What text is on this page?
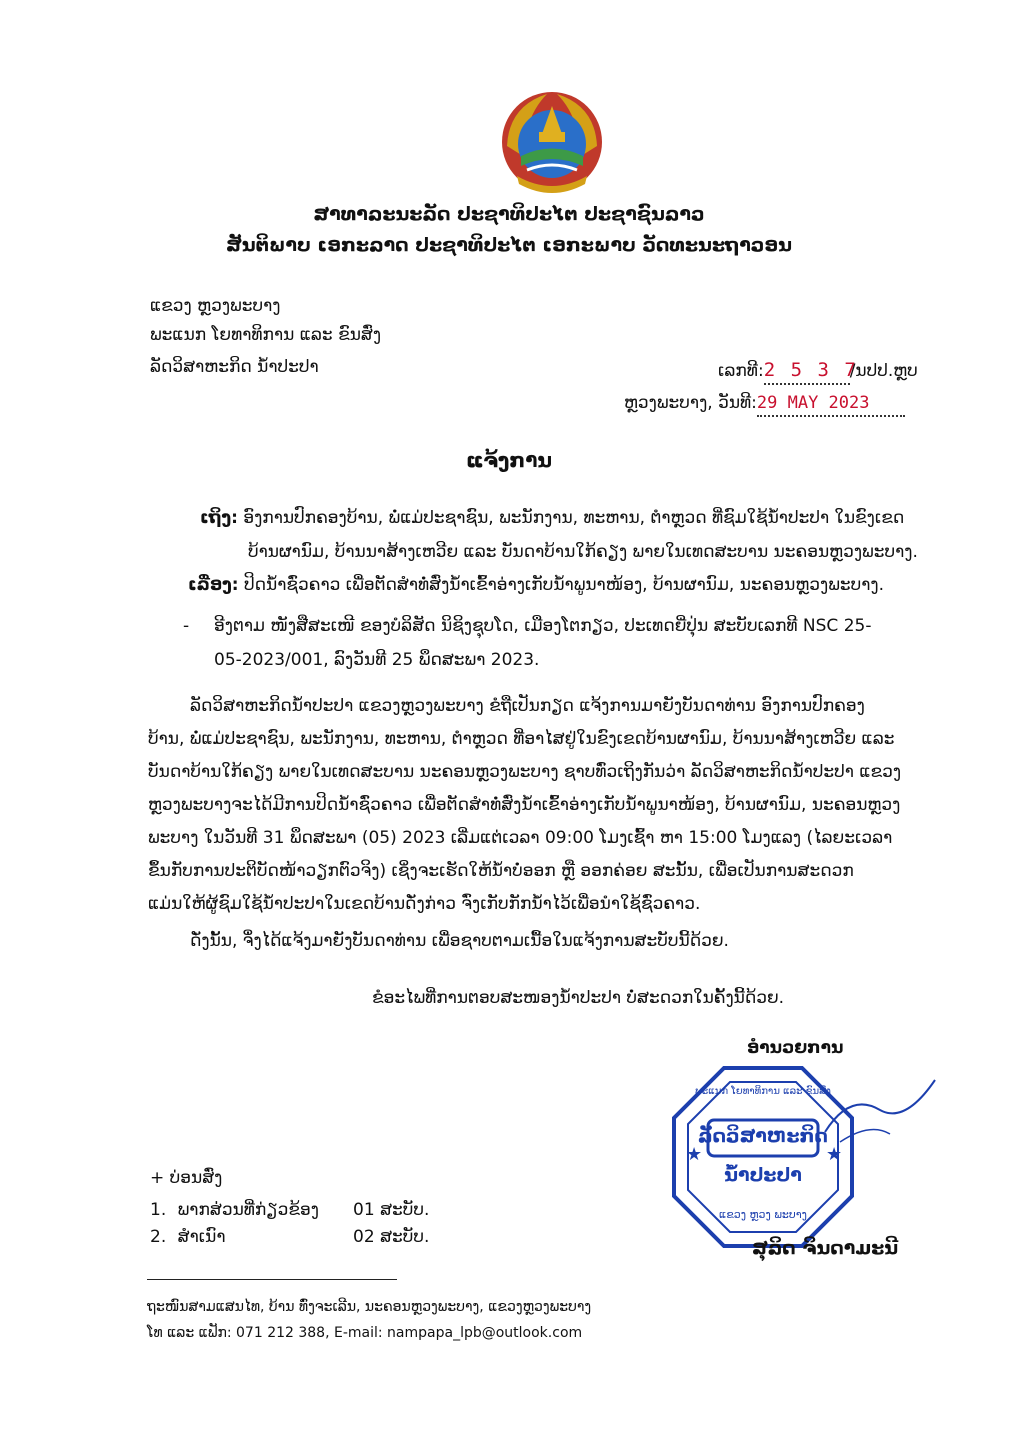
ສາທາລະນະລັດ ປະຊາທິປະໄຕ ປະຊາຊົນລາວ
ສັນຕິພາບ ເອກະລາດ ປະຊາທິປະໄຕ ເອກະພາບ ວັດທະນະຖາວອນ
ແຂວງ ຫຼວງພະບາງ
ພະແນກ ໂຍທາທິການ ແລະ ຂົນສົ່ງ
ລັດວິສາຫະກິດ ນ້ຳປະປາ	ເລກທີ:2 5 3 7/ນປປ.ຫຼບ
ຫຼວງພະບາງ, ວັນທີ:29 MAY 2023
ແຈ້ງການ
ເຖິງ: ອົງການປົກຄອງບ້ານ, ພໍ່ແມ່ປະຊາຊົນ, ພະນັກງານ, ທະຫານ, ຕຳຫຼວດ ທີ່ຊົມໃຊ້ນ້ຳປະປາ ໃນຂົງເຂດ
ບ້ານຜານົມ, ບ້ານນາສ້າງເຫວີຍ ແລະ ບັນດາບ້ານໃກ້ຄຽງ ພາຍໃນເທດສະບານ ນະຄອນຫຼວງພະບາງ.
ເລື່ອງ: ປິດນ້ຳຊົ່ວຄາວ ເພື່ອຕັດສຳທໍ່ສົ່ງນ້ຳເຂົ້າອ່າງເກັບນ້ຳພູນາໜ້ອງ, ບ້ານຜານົມ, ນະຄອນຫຼວງພະບາງ.
- ອີງຕາມ ໜັງສືສະເໜີ ຂອງບໍລິສັດ ນິຊິງຊຸບໂດ, ເມືອງໂຕກຽວ, ປະເທດຍີ່ປຸ່ນ ສະບັບເລກທີ NSC 25-
05-2023/001, ລົງວັນທີ 25 ພຶດສະພາ 2023.
ລັດວິສາຫະກິດນ້ຳປະປາ ແຂວງຫຼວງພະບາງ ຂໍຖືເປັນກຽດ ແຈ້ງການມາຍັງບັນດາທ່ານ ອົງການປົກຄອງ
ບ້ານ, ພໍ່ແມ່ປະຊາຊົນ, ພະນັກງານ, ທະຫານ, ຕຳຫຼວດ ທີ່ອາໄສຢູ່ໃນຂົງເຂດບ້ານຜານົມ, ບ້ານນາສ້າງເຫວີຍ ແລະ
ບັນດາບ້ານໃກ້ຄຽງ ພາຍໃນເທດສະບານ ນະຄອນຫຼວງພະບາງ ຊາບທົ່ວເຖິງກັນວ່າ ລັດວິສາຫະກິດນ້ຳປະປາ ແຂວງ
ຫຼວງພະບາງຈະໄດ້ມີການປິດນ້ຳຊົ່ວຄາວ ເພື່ອຕັດສຳທໍ່ສົ່ງນ້ຳເຂົ້າອ່າງເກັບນ້ຳພູນາໜ້ອງ, ບ້ານຜານົມ, ນະຄອນຫຼວງ
ພະບາງ ໃນວັນທີ 31 ພຶດສະພາ (05) 2023 ເລີ່ມແຕ່ເວລາ 09:00 ໂມງເຊົ້າ ຫາ 15:00 ໂມງແລງ (ໄລຍະເວລາ
ຂຶ້ນກັບການປະຕິບັດໜ້າວຽກຕົວຈິງ) ເຊິ່ງຈະເຮັດໃຫ້ນ້ຳບໍ່ອອກ ຫຼື ອອກຄ່ອຍ ສະນັ້ນ, ເພື່ອເປັນການສະດວກ
ແມ່ນໃຫ້ຜູ້ຊົມໃຊ້ນ້ຳປະປາໃນເຂດບ້ານດັ່ງກ່າວ ຈົ່ງເກັບກັກນ້ຳໄວ້ເພື່ອນຳໃຊ້ຊົ່ວຄາວ.
ດັ່ງນັ້ນ, ຈຶ່ງໄດ້ແຈ້ງມາຍັງບັນດາທ່ານ ເພື່ອຊາບຕາມເນື້ອໃນແຈ້ງການສະບັບນີ້ດ້ວຍ.
ຂໍອະໄພທີ່ການຕອບສະໜອງນ້ຳປະປາ ບໍ່ສະດວກໃນຄັ້ງນີ້ດ້ວຍ.
ອຳນວຍການ
★	★
ພະແນກ ໂຍທາທິການ ແລະ ຂົນສົ່ງ
ລັດວິສາຫະກິດ
ນ້ຳປະປາ
ແຂວງ ຫຼວງ ພະບາງ
ສຸລິດ ຈິນດາມະນີ
+ ບ່ອນສົ່ງ
1. ພາກສ່ວນທີ່ກ່ຽວຂ້ອງ 01 ສະບັບ.
2. ສຳເນົາ	02 ສະບັບ.
ຖະໜົນສາມແສນໄທ, ບ້ານ ທົ່ງຈະເລີນ, ນະຄອນຫຼວງພະບາງ, ແຂວງຫຼວງພະບາງ
ໂທ ແລະ ແຟັກ: 071 212 388, E-mail: nampapa_lpb@outlook.com
